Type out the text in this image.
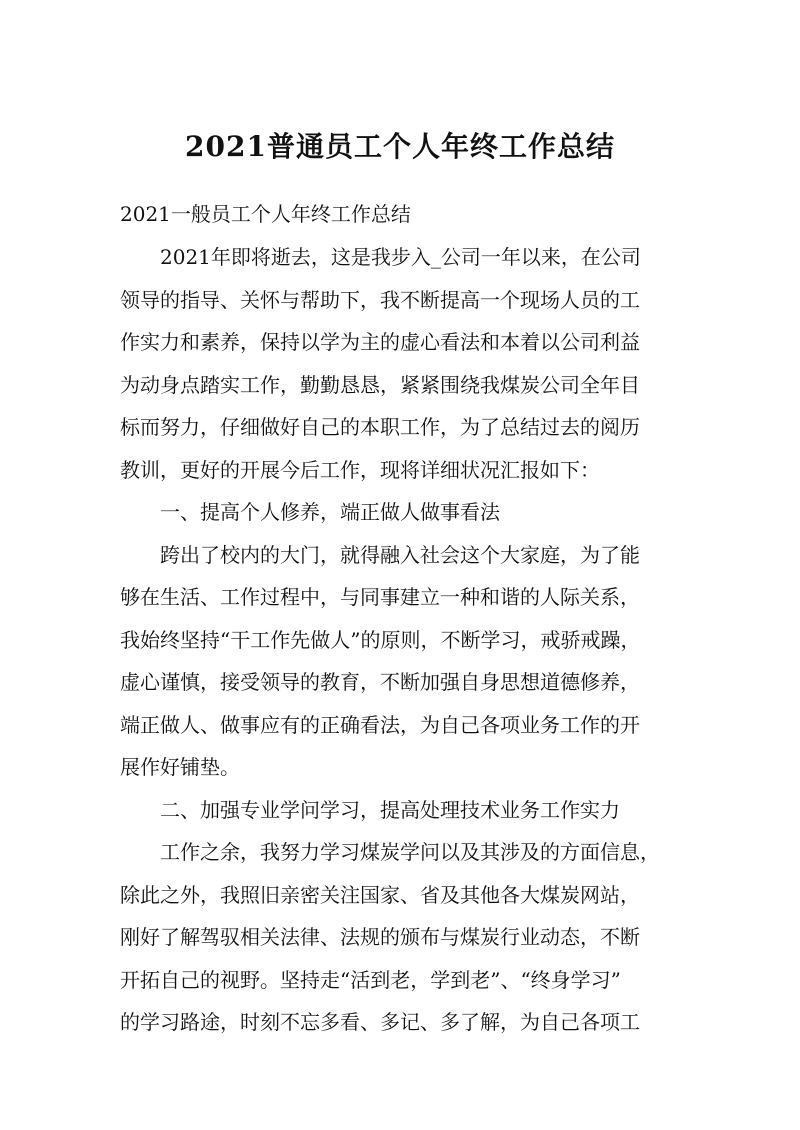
2021普通员工个人年终工作总结
2021一般员工个人年终工作总结
　　2021年即将逝去，这是我步入_公司一年以来，在公司
领导的指导、关怀与帮助下，我不断提高一个现场人员的工
作实力和素养，保持以学为主的虚心看法和本着以公司利益
为动身点踏实工作，勤勤恳恳，紧紧围绕我煤炭公司全年目
标而努力，仔细做好自己的本职工作，为了总结过去的阅历
教训，更好的开展今后工作，现将详细状况汇报如下：
　　一、提高个人修养，端正做人做事看法
　　跨出了校内的大门，就得融入社会这个大家庭，为了能
够在生活、工作过程中，与同事建立一种和谐的人际关系，
我始终坚持“干工作先做人”的原则，不断学习，戒骄戒躁，
虚心谨慎，接受领导的教育，不断加强自身思想道德修养，
端正做人、做事应有的正确看法，为自己各项业务工作的开
展作好铺垫。
　　二、加强专业学问学习，提高处理技术业务工作实力
　　工作之余，我努力学习煤炭学问以及其涉及的方面信息，
除此之外，我照旧亲密关注国家、省及其他各大煤炭网站，
刚好了解驾驭相关法律、法规的颁布与煤炭行业动态，不断
开拓自己的视野。坚持走“活到老，学到老”、“终身学习”
的学习路途，时刻不忘多看、多记、多了解，为自己各项工
